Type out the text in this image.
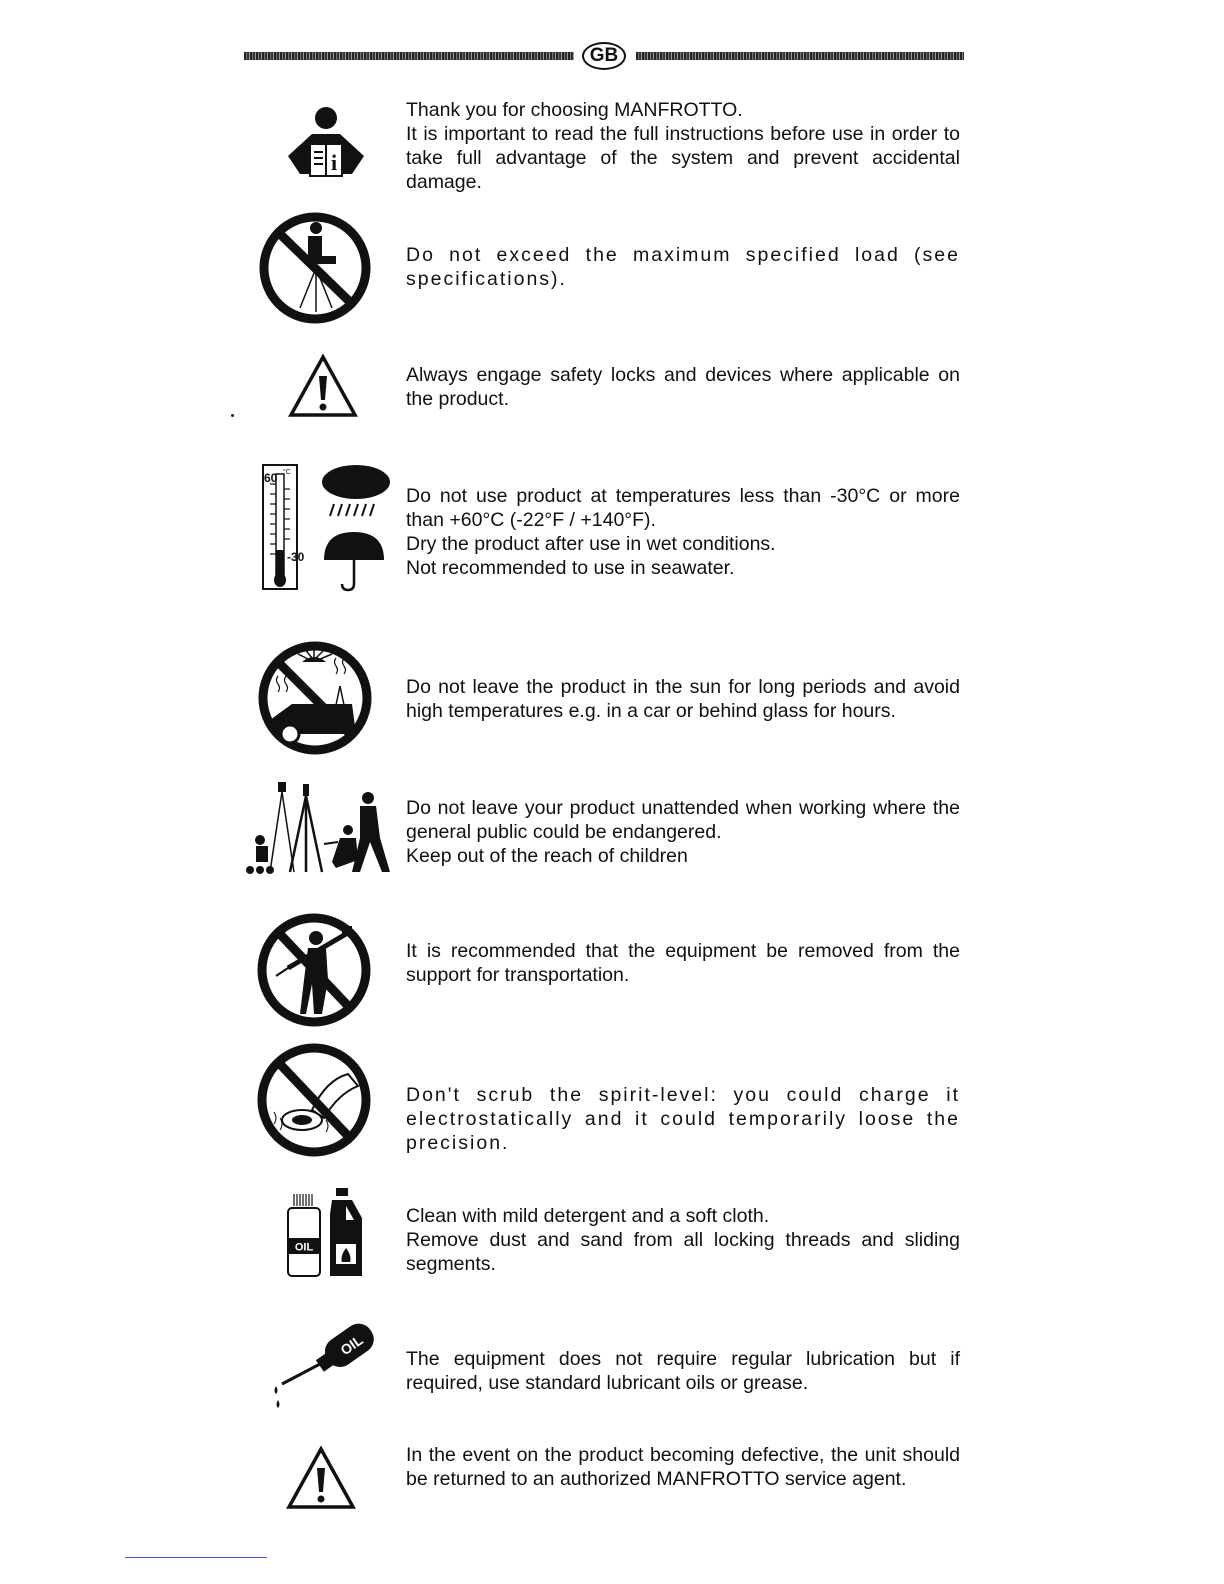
GB
i

Thank you for choosing MANFROTTO.

It is important to read the full instructions before use in order to take full advantage of the system and prevent accidental damage.

Do not exceed the maximum specified load (see specifications).

Always engage safety locks and devices where applicable on the product.

60 °C
-30

Do not use product at temperatures less than -30°C or more than +60°C (-22°F / +140°F).

Dry the product after use in wet conditions.

Not recommended to use in seawater.

Do not leave the product in the sun for long periods and avoid high temperatures e.g. in a car or behind glass for hours.

Do not leave your product unattended when working where the general public could be endangered.

Keep out of the reach of children

It is recommended that the equipment be removed from the support for transportation.

Don't scrub the spirit-level: you could charge it electrostatically and it could temporarily loose the precision.

OIL

Clean with mild detergent and a soft cloth.

Remove dust and sand from all locking threads and sliding segments.

OIL

The equipment does not require regular lubrication but if required, use standard lubricant oils or grease.

In the event on the product becoming defective, the unit should be returned to an authorized MANFROTTO service agent.
